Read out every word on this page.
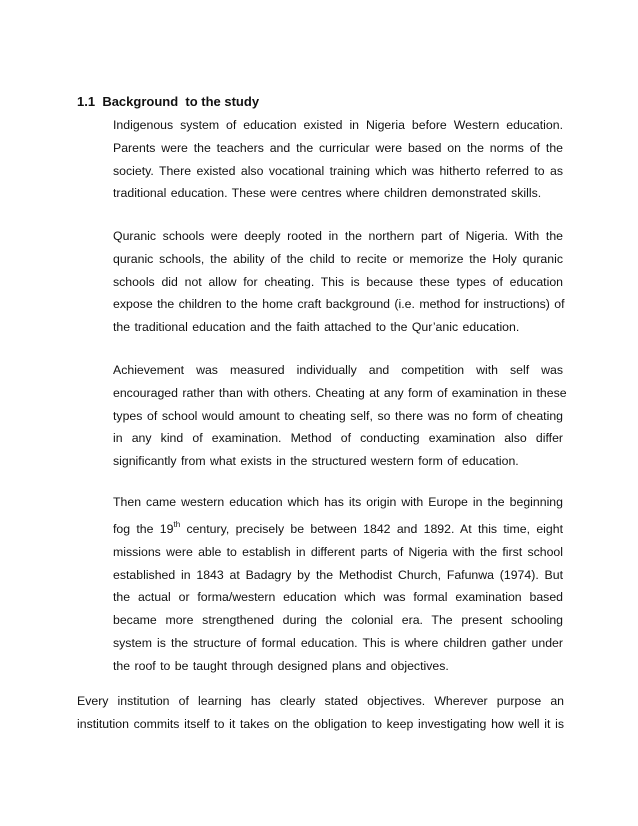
1.1 Background  to the study
Indigenous system of education existed in Nigeria before Western education.
Parents were the teachers and the curricular were based on the norms of the
society. There existed also vocational training which was hitherto referred to as
traditional education. These were centres where children demonstrated skills.
Quranic schools were deeply rooted in the northern part of Nigeria. With the
quranic schools, the ability of the child to recite or memorize the Holy quranic
schools did not allow for cheating. This is because these types of education
expose the children to the home craft background (i.e. method for instructions) of
the traditional education and the faith attached to the Qur’anic education.
Achievement was measured individually and competition with self was
encouraged rather than with others. Cheating at any form of examination in these
types of school would amount to cheating self, so there was no form of cheating
in any kind of examination. Method of conducting examination also differ
significantly from what exists in the structured western form of education.
Then came western education which has its origin with Europe in the beginning
fog the 19th century, precisely be between 1842 and 1892. At this time, eight
missions were able to establish in different parts of Nigeria with the first school
established in 1843 at Badagry by the Methodist Church, Fafunwa (1974). But
the actual or forma/western education which was formal examination based
became more strengthened during the colonial era. The present schooling
system is the structure of formal education. This is where children gather under
the roof to be taught through designed plans and objectives.
Every institution of learning has clearly stated objectives. Wherever purpose an
institution commits itself to it takes on the obligation to keep investigating how well it is
